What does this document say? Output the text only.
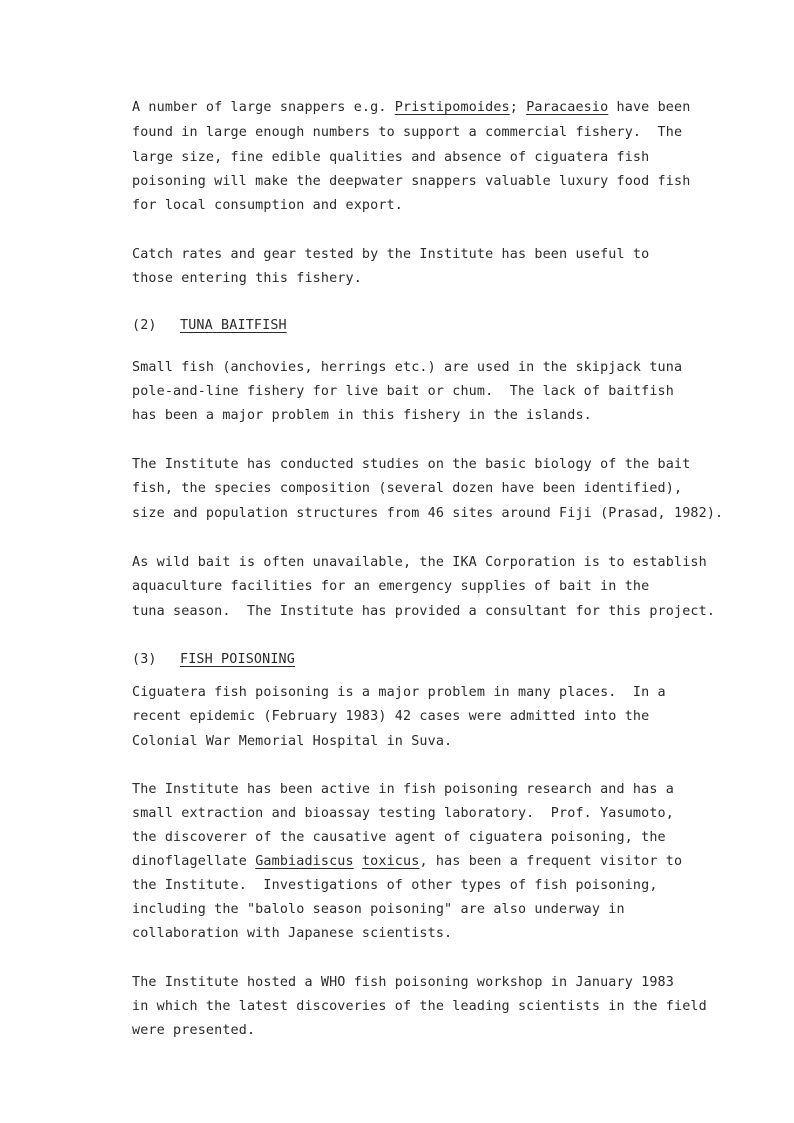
A number of large snappers e.g. Pristipomoides; Paracaesio have been

found in large enough numbers to support a commercial fishery.  The

large size, fine edible qualities and absence of ciguatera fish

poisoning will make the deepwater snappers valuable luxury food fish

for local consumption and export.

Catch rates and gear tested by the Institute has been useful to

those entering this fishery.

(2) TUNA BAITFISH

Small fish (anchovies, herrings etc.) are used in the skipjack tuna

pole-and-line fishery for live bait or chum.  The lack of baitfish

has been a major problem in this fishery in the islands.

The Institute has conducted studies on the basic biology of the bait

fish, the species composition (several dozen have been identified),

size and population structures from 46 sites around Fiji (Prasad, 1982).

As wild bait is often unavailable, the IKA Corporation is to establish

aquaculture facilities for an emergency supplies of bait in the

tuna season.  The Institute has provided a consultant for this project.

(3) FISH POISONING

Ciguatera fish poisoning is a major problem in many places.  In a

recent epidemic (February 1983) 42 cases were admitted into the

Colonial War Memorial Hospital in Suva.

The Institute has been active in fish poisoning research and has a

small extraction and bioassay testing laboratory.  Prof. Yasumoto,

the discoverer of the causative agent of ciguatera poisoning, the

dinoflagellate Gambiadiscus toxicus, has been a frequent visitor to

the Institute.  Investigations of other types of fish poisoning,

including the "balolo season poisoning" are also underway in

collaboration with Japanese scientists.

The Institute hosted a WHO fish poisoning workshop in January 1983

in which the latest discoveries of the leading scientists in the field

were presented.
